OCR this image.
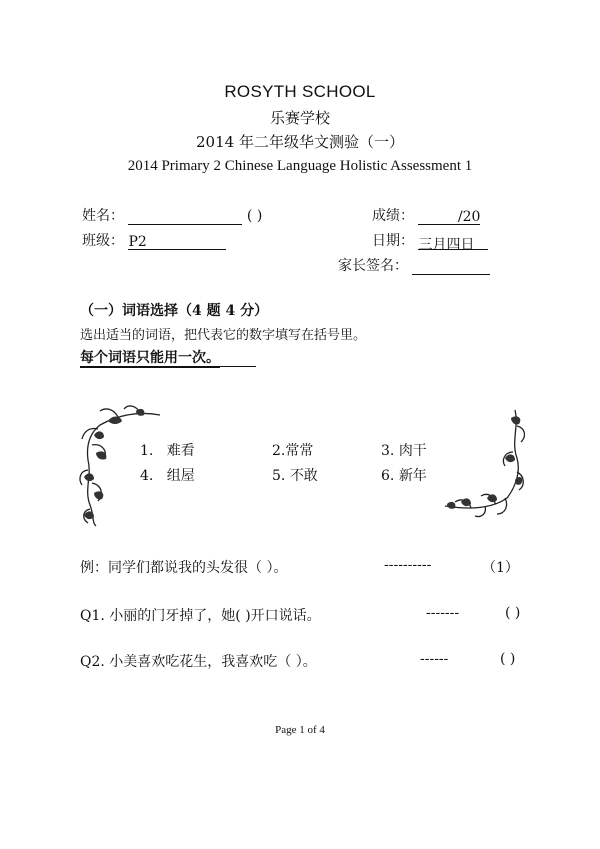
ROSYTH SCHOOL
乐赛学校
2014 年二年级华文测验（一）
2014 Primary 2 Chinese Language Holistic Assessment 1
姓名：	( )	成绩：	/20
班级： P2	日期： 三月四日
家长签名：
（一）词语选择（4 题 4 分）
选出适当的词语，把代表它的数字填写在括号里。
每个词语只能用一次。
1. 难看	2.常常	3. 肉干
4. 组屋	5. 不敢	6. 新年
例：同学们都说我的头发很（ ）。	----------	（1）
Q1. 小丽的门牙掉了，她( )开口说话。	-------	( )
Q2. 小美喜欢吃花生，我喜欢吃（ ）。	------	( )
Page 1 of 4
